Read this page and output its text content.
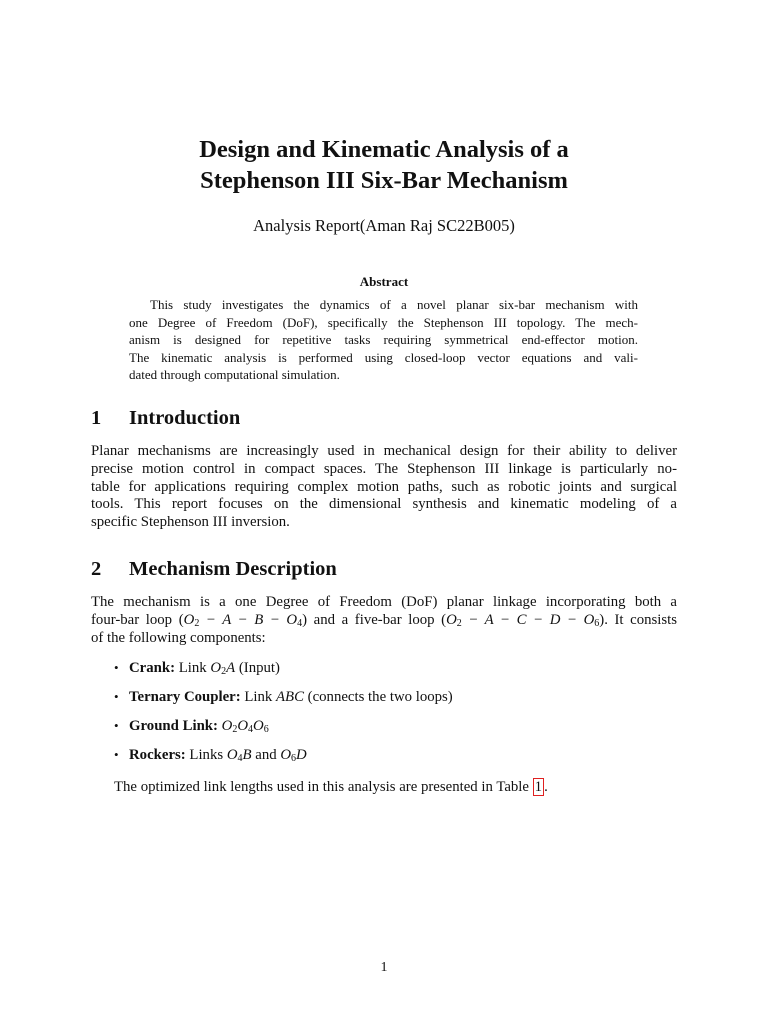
Design and Kinematic Analysis of a
Stephenson III Six-Bar Mechanism
Analysis Report(Aman Raj SC22B005)
Abstract
This study investigates the dynamics of a novel planar six-bar mechanism with
one Degree of Freedom (DoF), specifically the Stephenson III topology. The mech-
anism is designed for repetitive tasks requiring symmetrical end-effector motion.
The kinematic analysis is performed using closed-loop vector equations and vali-
dated through computational simulation.
1 Introduction
Planar mechanisms are increasingly used in mechanical design for their ability to deliver
precise motion control in compact spaces. The Stephenson III linkage is particularly no-
table for applications requiring complex motion paths, such as robotic joints and surgical
tools. This report focuses on the dimensional synthesis and kinematic modeling of a
specific Stephenson III inversion.
2 Mechanism Description
The mechanism is a one Degree of Freedom (DoF) planar linkage incorporating both a
four-bar loop $(O_2 - A - B - O_4)$ and a five-bar loop $(O_2 - A - C - D - O_6)$. It consists
of the following components:
• Crank: Link $O_2A$ (Input)
• Ternary Coupler: Link ABC (connects the two loops)
• Ground Link: $O_2O_4O_6$
• Rockers: Links $O_4B$ and $O_6D$
The optimized link lengths used in this analysis are presented in Table 1 .
1
